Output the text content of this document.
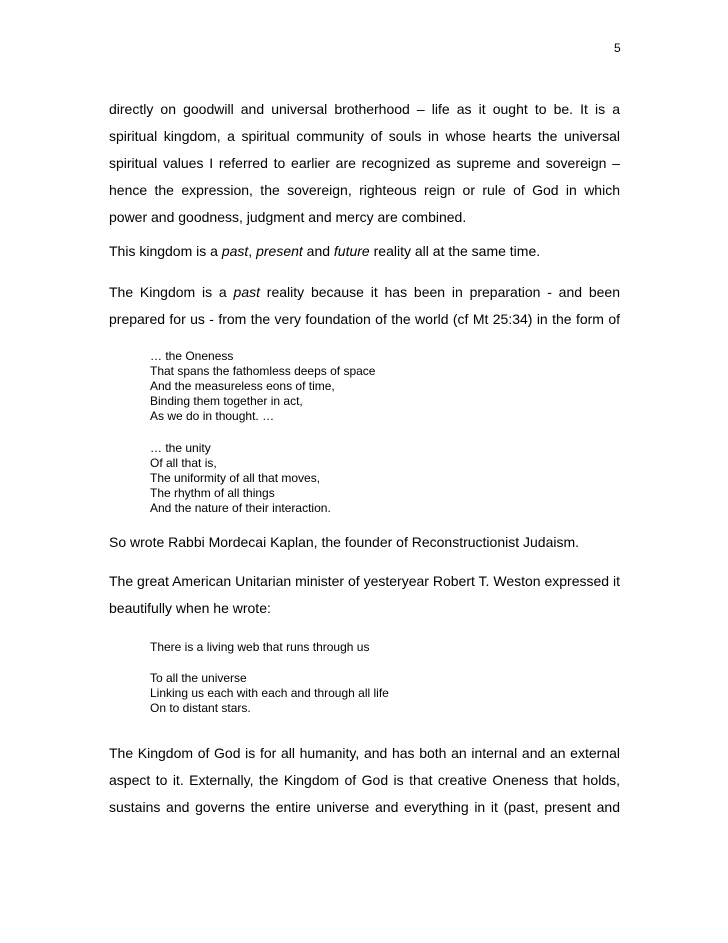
5

directly on goodwill and universal brotherhood – life as it ought to be. It is a spiritual kingdom, a spiritual community of souls in whose hearts the universal spiritual values I referred to earlier are recognized as supreme and sovereign – hence the expression, the sovereign, righteous reign or rule of God in which power and goodness, judgment and mercy are combined.

This kingdom is a past, present and future reality all at the same time.

The Kingdom is a past reality because it has been in preparation - and been prepared for us - from the very foundation of the world (cf Mt 25:34) in the form of

… the Oneness
That spans the fathomless deeps of space
And the measureless eons of time,
Binding them together in act,
As we do in thought. …
… the unity
Of all that is,
The uniformity of all that moves,
The rhythm of all things
And the nature of their interaction.

So wrote Rabbi Mordecai Kaplan, the founder of Reconstructionist Judaism.

The great American Unitarian minister of yesteryear Robert T. Weston expressed it beautifully when he wrote:

There is a living web that runs through us
To all the universe
Linking us each with each and through all life
On to distant stars.

The Kingdom of God is for all humanity, and has both an internal and an external aspect to it. Externally, the Kingdom of God is that creative Oneness that holds, sustains and governs the entire universe and everything in it (past, present and
